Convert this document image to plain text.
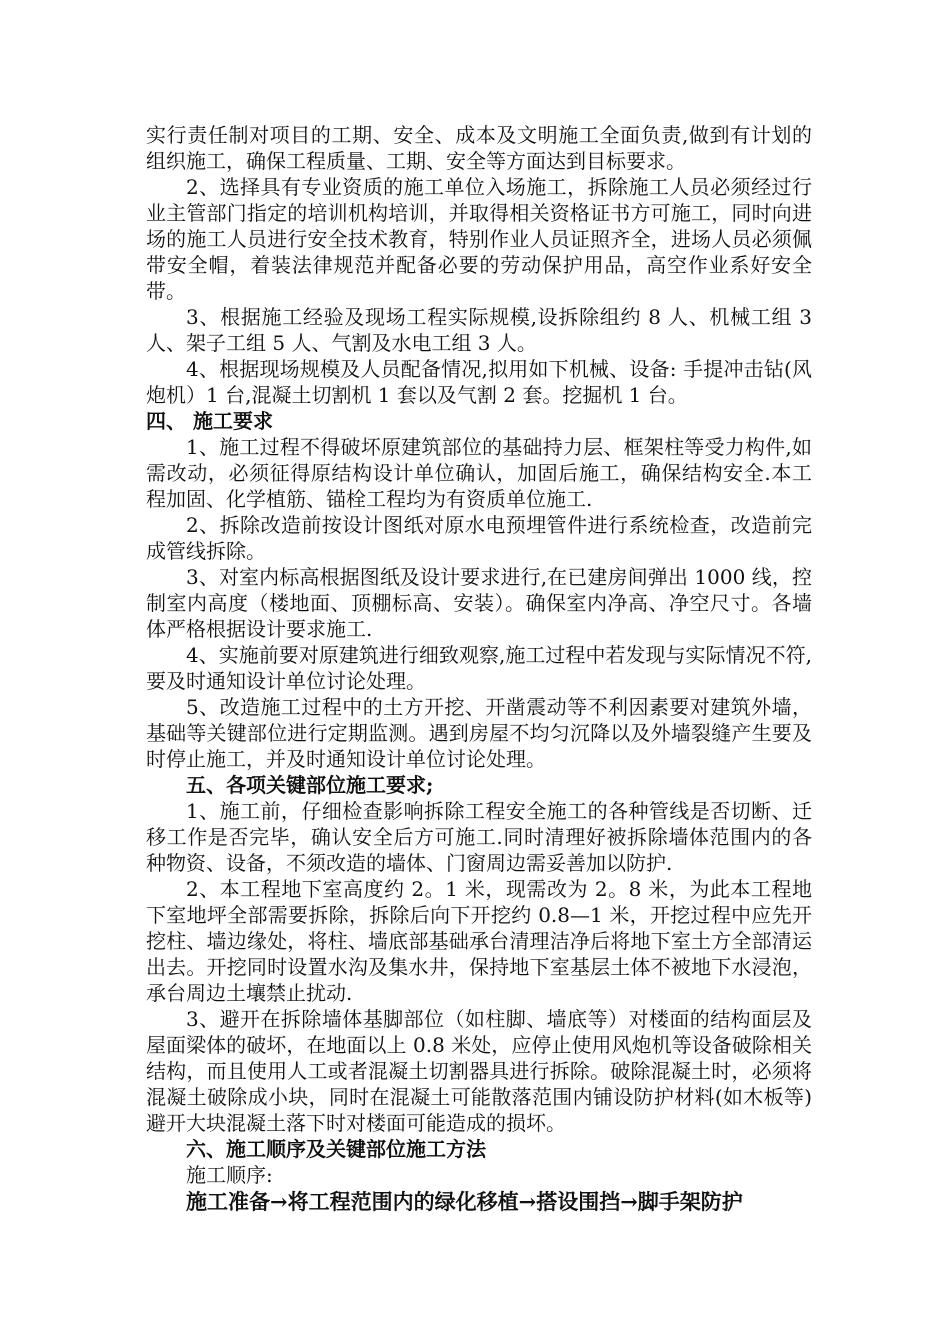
实行责任制对项目的工期、安全、成本及文明施工全面负责,做到有计划的组织施工，确保工程质量、工期、安全等方面达到目标要求。

2、选择具有专业资质的施工单位入场施工，拆除施工人员必须经过行业主管部门指定的培训机构培训，并取得相关资格证书方可施工，同时向进场的施工人员进行安全技术教育，特别作业人员证照齐全，进场人员必须佩带安全帽，着装法律规范并配备必要的劳动保护用品，高空作业系好安全带。

3、根据施工经验及现场工程实际规模,设拆除组约 8 人、机械工组 3 人、架子工组 5 人、气割及水电工组 3 人。

4、根据现场规模及人员配备情况,拟用如下机械、设备: 手提冲击钻(风炮机）1 台,混凝土切割机 1 套以及气割 2 套。挖掘机 1 台。

四、 施工要求

1、施工过程不得破坏原建筑部位的基础持力层、框架柱等受力构件,如需改动，必须征得原结构设计单位确认，加固后施工，确保结构安全.本工程加固、化学植筋、锚栓工程均为有资质单位施工.

2、拆除改造前按设计图纸对原水电预埋管件进行系统检查，改造前完成管线拆除。

3、对室内标高根据图纸及设计要求进行,在已建房间弹出 1000 线，控制室内高度（楼地面、顶棚标高、安装）。确保室内净高、净空尺寸。各墙体严格根据设计要求施工.

4、实施前要对原建筑进行细致观察,施工过程中若发现与实际情况不符,要及时通知设计单位讨论处理。

5、改造施工过程中的土方开挖、开凿震动等不利因素要对建筑外墙，基础等关键部位进行定期监测。遇到房屋不均匀沉降以及外墙裂缝产生要及时停止施工，并及时通知设计单位讨论处理。

五、各项关键部位施工要求;

1、施工前，仔细检查影响拆除工程安全施工的各种管线是否切断、迁移工作是否完毕，确认安全后方可施工.同时清理好被拆除墙体范围内的各种物资、设备，不须改造的墙体、门窗周边需妥善加以防护.

2、本工程地下室高度约 2。1 米，现需改为 2。8 米，为此本工程地下室地坪全部需要拆除，拆除后向下开挖约 0.8—1 米，开挖过程中应先开挖柱、墙边缘处，将柱、墙底部基础承台清理洁净后将地下室土方全部清运出去。开挖同时设置水沟及集水井，保持地下室基层土体不被地下水浸泡，承台周边土壤禁止扰动.

3、避开在拆除墙体基脚部位（如柱脚、墙底等）对楼面的结构面层及屋面梁体的破坏，在地面以上 0.8 米处，应停止使用风炮机等设备破除相关结构，而且使用人工或者混凝土切割器具进行拆除。破除混凝土时，必须将混凝土破除成小块，同时在混凝土可能散落范围内铺设防护材料(如木板等)避开大块混凝土落下时对楼面可能造成的损坏。

六、施工顺序及关键部位施工方法

施工顺序:

施工准备→将工程范围内的绿化移植→搭设围挡→脚手架防护
